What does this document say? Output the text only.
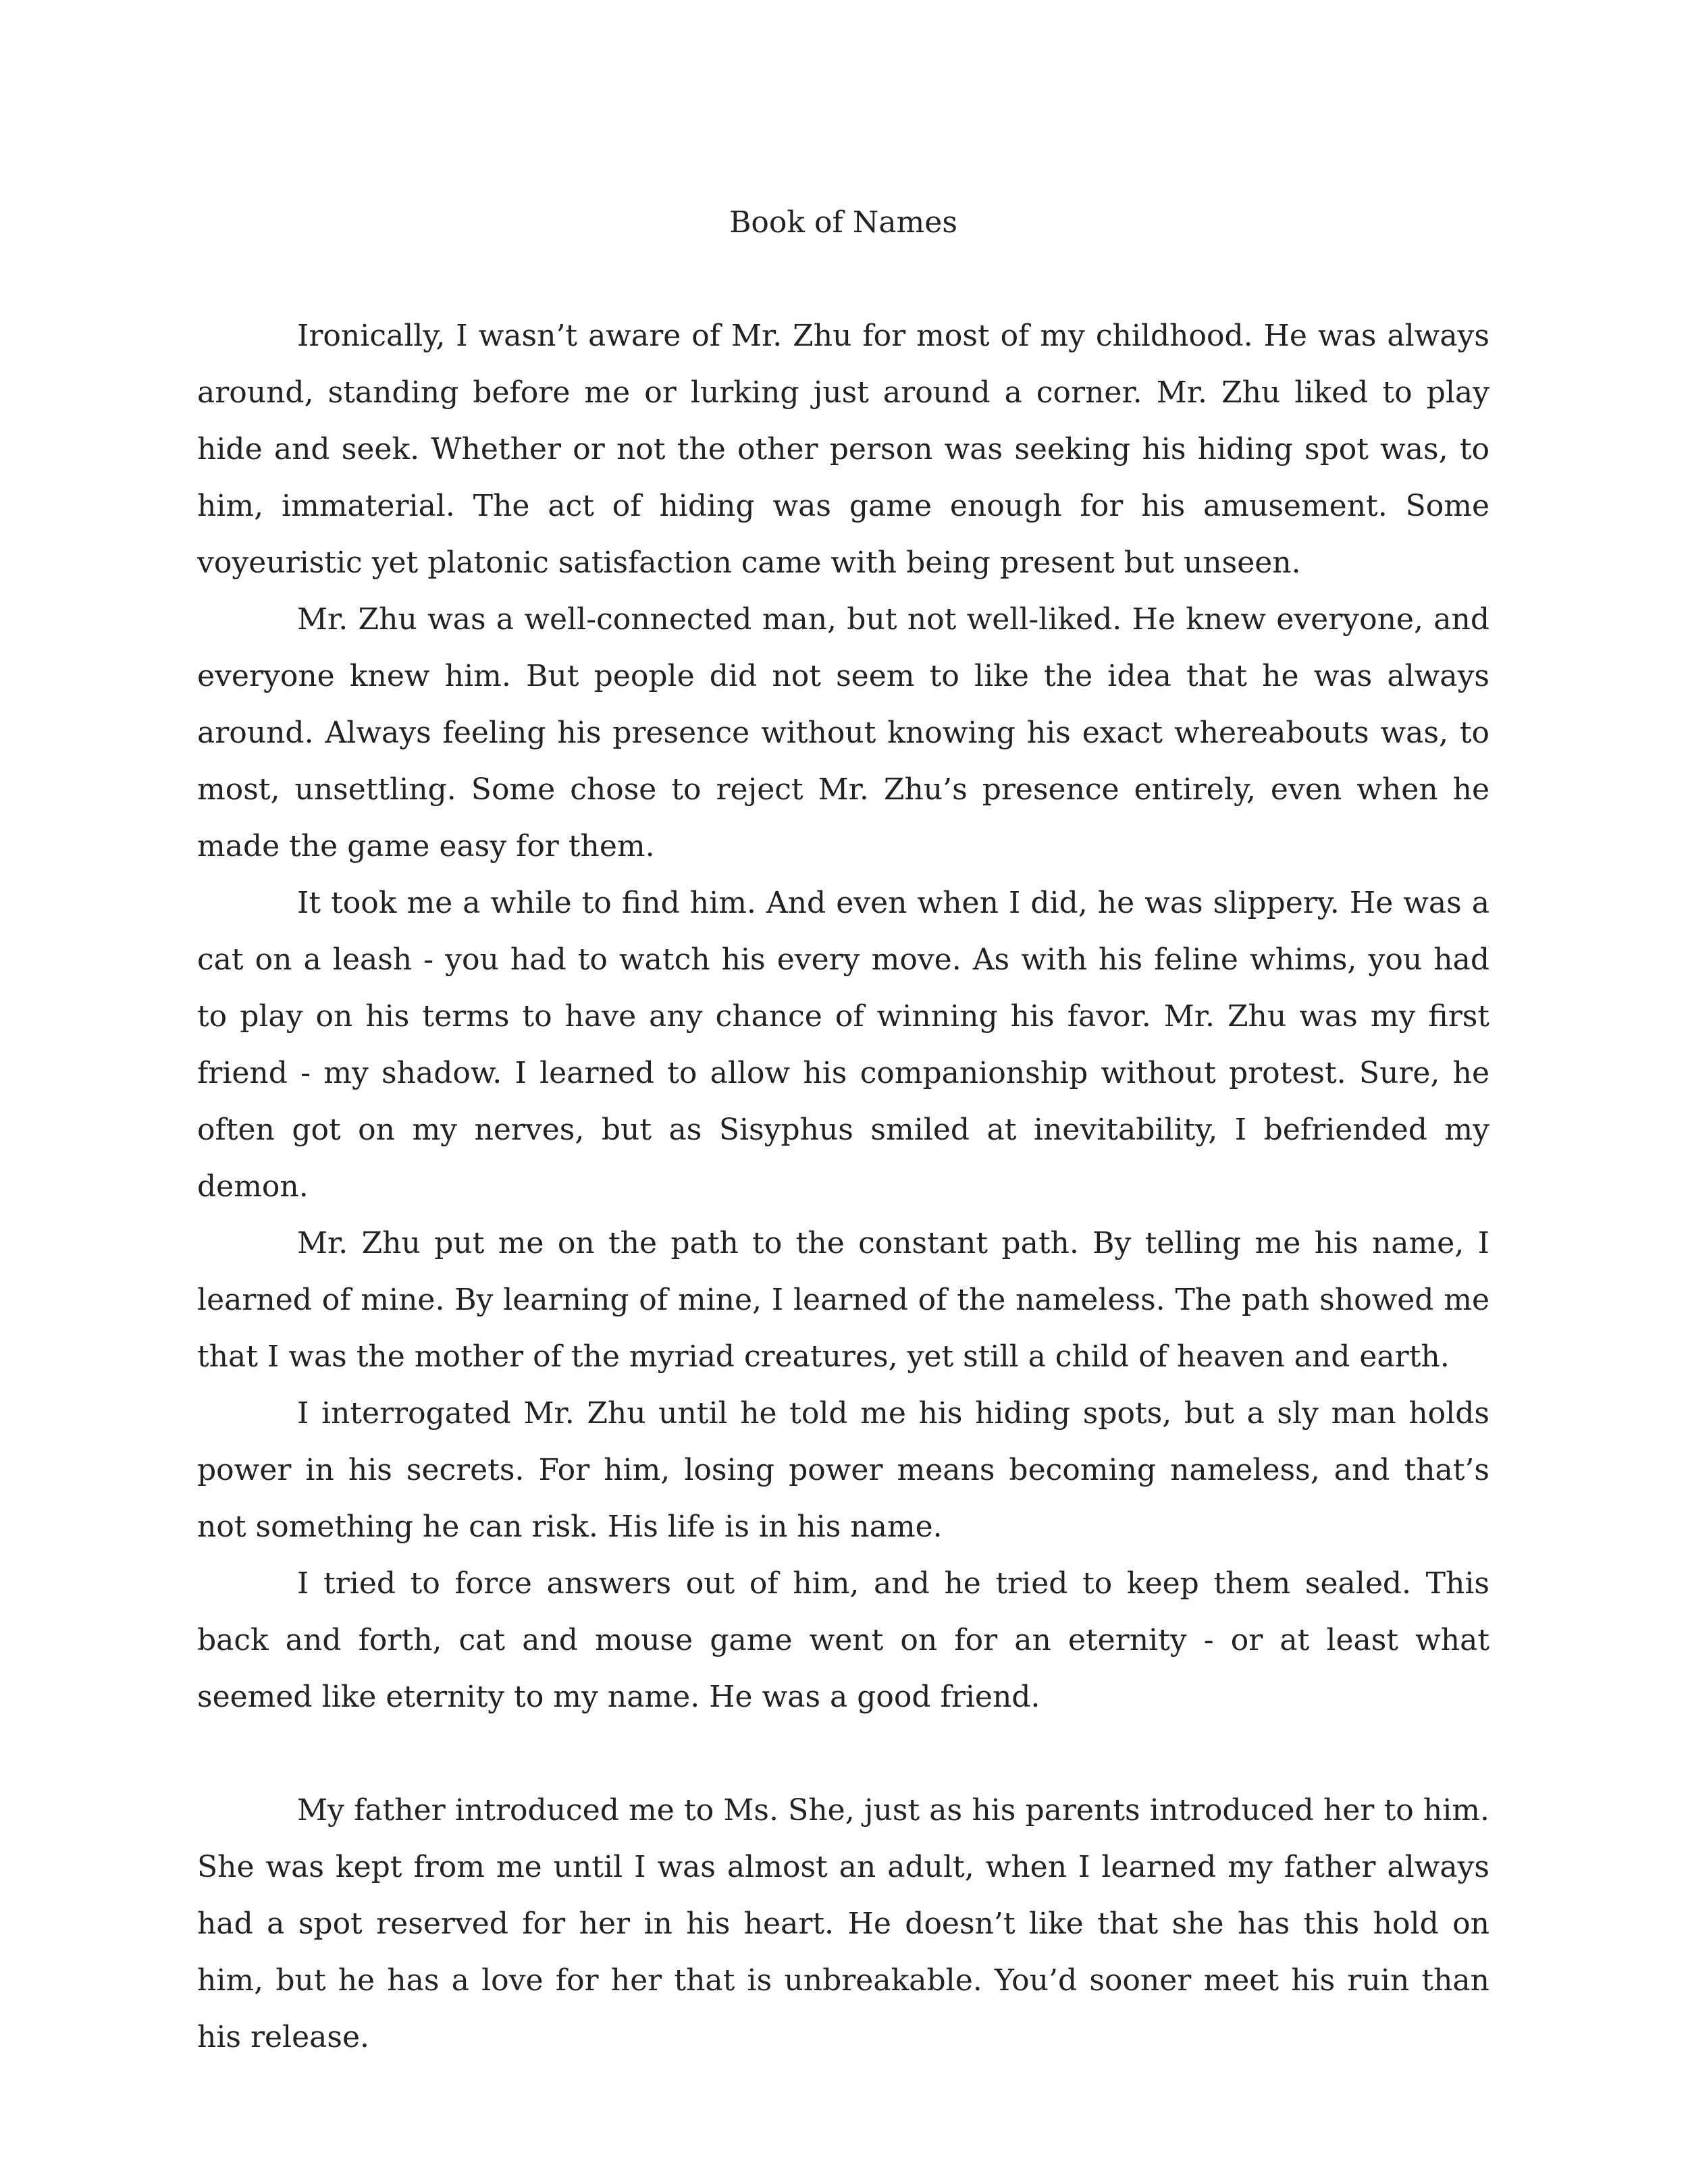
Book of Names

Ironically, I wasn’t aware of Mr. Zhu for most of my childhood. He was always around, standing before me or lurking just around a corner. Mr. Zhu liked to play hide and seek. Whether or not the other person was seeking his hiding spot was, to him, immaterial. The act of hiding was game enough for his amusement. Some voyeuristic yet platonic satisfaction came with being present but unseen.

Mr. Zhu was a well-connected man, but not well-liked. He knew everyone, and everyone knew him. But people did not seem to like the idea that he was always around. Always feeling his presence without knowing his exact whereabouts was, to most, unsettling. Some chose to reject Mr. Zhu’s presence entirely, even when he made the game easy for them.

It took me a while to find him. And even when I did, he was slippery. He was a cat on a leash - you had to watch his every move. As with his feline whims, you had to play on his terms to have any chance of winning his favor. Mr. Zhu was my first friend - my shadow. I learned to allow his companionship without protest. Sure, he often got on my nerves, but as Sisyphus smiled at inevitability, I befriended my demon.

Mr. Zhu put me on the path to the constant path. By telling me his name, I learned of mine. By learning of mine, I learned of the nameless. The path showed me that I was the mother of the myriad creatures, yet still a child of heaven and earth.

I interrogated Mr. Zhu until he told me his hiding spots, but a sly man holds power in his secrets. For him, losing power means becoming nameless, and that’s not something he can risk. His life is in his name.

I tried to force answers out of him, and he tried to keep them sealed. This back and forth, cat and mouse game went on for an eternity - or at least what seemed like eternity to my name. He was a good friend.

My father introduced me to Ms. She, just as his parents introduced her to him. She was kept from me until I was almost an adult, when I learned my father always had a spot reserved for her in his heart. He doesn’t like that she has this hold on him, but he has a love for her that is unbreakable. You’d sooner meet his ruin than his release.
